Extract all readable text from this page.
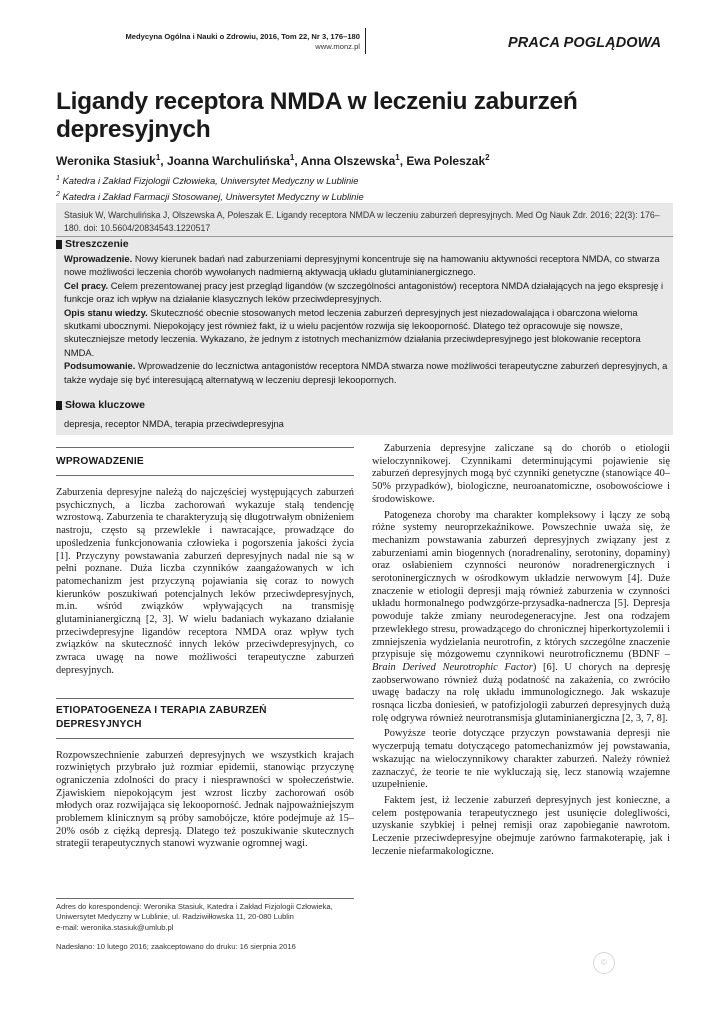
Medycyna Ogólna i Nauki o Zdrowiu, 2016, Tom 22, Nr 3, 176–180
www.monz.pl	PRACA POGLĄDOWA
Ligandy receptora NMDA w leczeniu zaburzeń depresyjnych
Weronika Stasiuk$^1$, Joanna Warchulińska$^1$, Anna Olszewska$^1$, Ewa Poleszak$^2$
$^1$ Katedra i Zakład Fizjologii Człowieka, Uniwersytet Medyczny w Lublinie
$^2$ Katedra i Zakład Farmacji Stosowanej, Uniwersytet Medyczny w Lublinie
Stasiuk W, Warchulińska J, Olszewska A, Poleszak E. Ligandy receptora NMDA w leczeniu zaburzeń depresyjnych. Med Og Nauk Zdr. 2016; 22(3): 176–180. doi: 10.5604/20834543.1220517
Streszczenie

Wprowadzenie. Nowy kierunek badań nad zaburzeniami depresyjnymi koncentruje się na hamowaniu aktywności receptora NMDA, co stwarza nowe możliwości leczenia chorób wywołanych nadmierną aktywacją układu glutaminianergicznego.
Cel pracy. Celem prezentowanej pracy jest przegląd ligandów (w szczególności antagonistów) receptora NMDA działających na jego ekspresję i funkcje oraz ich wpływ na działanie klasycznych leków przeciwdepresyjnych.
Opis stanu wiedzy. Skuteczność obecnie stosowanych metod leczenia zaburzeń depresyjnych jest niezadowalająca i obarczona wieloma skutkami ubocznymi. Niepokojący jest również fakt, iż u wielu pacjentów rozwija się lekooporność. Dlatego też opracowuje się nowsze, skuteczniejsze metody leczenia. Wykazano, że jednym z istotnych mechanizmów działania przeciwdepresyjnego jest blokowanie receptora NMDA.
Podsumowanie. Wprowadzenie do lecznictwa antagonistów receptora NMDA stwarza nowe możliwości terapeutyczne zaburzeń depresyjnych, a także wydaje się być interesującą alternatywą w leczeniu depresji lekoopornych.

Słowa kluczowe
depresja, receptor NMDA, terapia przeciwdepresyjna
WPROWADZENIE

Zaburzenia depresyjne należą do najczęściej występujących zaburzeń psychicznych, a liczba zachorowań wykazuje stałą tendencję wzrostową. Zaburzenia te charakteryzują się długotrwałym obniżeniem nastroju, często są przewlekłe i nawracające, prowadzące do upośledzenia funkcjonowania człowieka i pogorszenia jakości życia [1]. Przyczyny powstawania zaburzeń depresyjnych nadal nie są w pełni poznane. Duża liczba czynników zaangażowanych w ich patomechanizm jest przyczyną pojawiania się coraz to nowych kierunków poszukiwań potencjalnych leków przeciwdepresyjnych, m.in. wśród związków wpływających na transmisję glutaminianergiczną [2, 3]. W wielu badaniach wykazano działanie przeciwdepresyjne ligandów receptora NMDA oraz wpływ tych związków na skuteczność innych leków przeciwdepresyjnych, co zwraca uwagę na nowe możliwości terapeutyczne zaburzeń depresyjnych.

ETIOPATOGENEZA I TERAPIA ZABURZEŃ DEPRESYJNYCH

Rozpowszechnienie zaburzeń depresyjnych we wszystkich krajach rozwiniętych przybrało już rozmiar epidemii, stanowiąc przyczynę ograniczenia zdolności do pracy i niesprawności w społeczeństwie. Zjawiskiem niepokojącym jest wzrost liczby zachorowań osób młodych oraz rozwijająca się lekooporność. Jednak najpoważniejszym problemem klinicznym są próby samobójcze, które podejmuje aż 15–20% osób z ciężką depresją. Dlatego też poszukiwanie skutecznych strategii terapeutycznych stanowi wyzwanie ogromnej wagi.

Zaburzenia depresyjne zaliczane są do chorób o etiologii wieloczynnikowej. Czynnikami determinującymi pojawienie się zaburzeń depresyjnych mogą być czynniki genetyczne (stanowiące 40–50% przypadków), biologiczne, neuroanatomiczne, osobowościowe i środowiskowe.

Patogeneza choroby ma charakter kompleksowy i łączy ze sobą różne systemy neuroprzekaźnikowe. Powszechnie uważa się, że mechanizm powstawania zaburzeń depresyjnych związany jest z zaburzeniami amin biogennych (noradrenaliny, serotoniny, dopaminy) oraz osłabieniem czynności neuronów noradrenergicznych i serotoninergicznych w ośrodkowym układzie nerwowym [4]. Duże znaczenie w etiologii depresji mają również zaburzenia w czynności układu hormonalnego podwzgórze-przysadka-nadnercza [5]. Depresja powoduje także zmiany neurodegeneracyjne. Jest ona rodzajem przewlekłego stresu, prowadzącego do chronicznej hiperkortyzolemii i zmniejszenia wydzielania neurotrofin, z których szczególne znaczenie przypisuje się mózgowemu czynnikowi neurotroficznemu (BDNF – Brain Derived Neurotrophic Factor) [6]. U chorych na depresję zaobserwowano również dużą podatność na zakażenia, co zwróciło uwagę badaczy na rolę układu immunologicznego. Jak wskazuje rosnąca liczba doniesień, w patofizjologii zaburzeń depresyjnych dużą rolę odgrywa również neurotransmisja glutaminianergiczna [2, 3, 7, 8].

Powyższe teorie dotyczące przyczyn powstawania depresji nie wyczerpują tematu dotyczącego patomechanizmów jej powstawania, wskazując na wieloczynnikowy charakter zaburzeń. Należy również zaznaczyć, że teorie te nie wykluczają się, lecz stanowią wzajemne uzupełnienie.

Faktem jest, iż leczenie zaburzeń depresyjnych jest konieczne, a celem postępowania terapeutycznego jest usunięcie dolegliwości, uzyskanie szybkiej i pełnej remisji oraz zapobieganie nawrotom. Leczenie przeciwdepresyjne obejmuje zarówno farmakoterapię, jak i leczenie niefarmakologiczne.

Adres do korespondencji: Weronika Stasiuk, Katedra i Zakład Fizjologii Człowieka, Uniwersytet Medyczny w Lublinie, ul. Radziwiłłowska 11, 20-080 Lublin
e-mail: weronika.stasiuk@umlub.pl
Nadesłano: 10 lutego 2016; zaakceptowano do druku: 16 sierpnia 2016
©
